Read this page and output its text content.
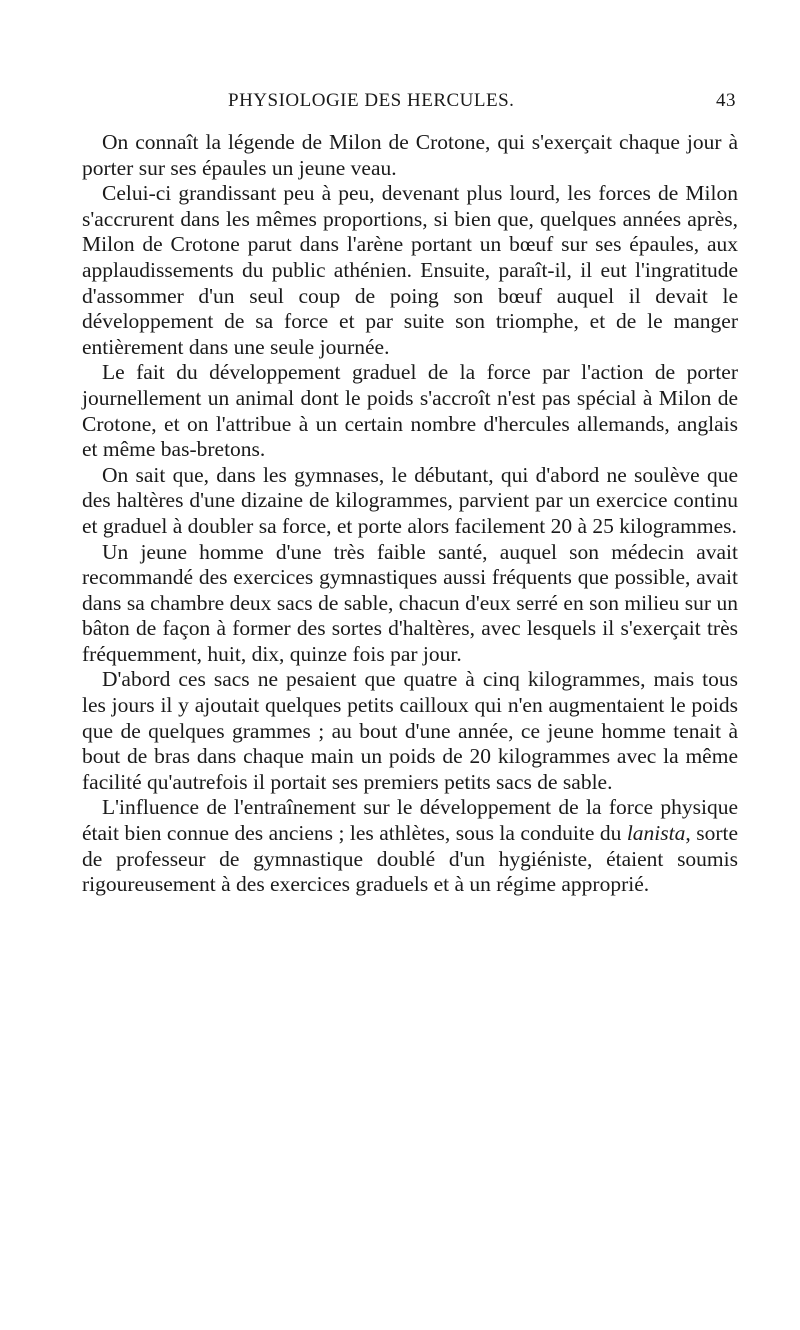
PHYSIOLOGIE DES HERCULES.	43

On connaît la légende de Milon de Crotone, qui s'exerçait chaque jour à porter sur ses épaules un jeune veau.

Celui-ci grandissant peu à peu, devenant plus lourd, les forces de Milon s'accrurent dans les mêmes proportions, si bien que, quelques années après, Milon de Crotone parut dans l'arène portant un bœuf sur ses épaules, aux applaudissements du public athénien. Ensuite, paraît-il, il eut l'ingratitude d'assommer d'un seul coup de poing son bœuf auquel il devait le développement de sa force et par suite son triomphe, et de le manger entièrement dans une seule journée.

Le fait du développement graduel de la force par l'action de porter journellement un animal dont le poids s'accroît n'est pas spécial à Milon de Crotone, et on l'attribue à un certain nombre d'hercules allemands, anglais et même bas-bretons.

On sait que, dans les gymnases, le débutant, qui d'abord ne soulève que des haltères d'une dizaine de kilogrammes, parvient par un exercice continu et graduel à doubler sa force, et porte alors facilement 20 à 25 kilogrammes.

Un jeune homme d'une très faible santé, auquel son médecin avait recommandé des exercices gymnastiques aussi fréquents que possible, avait dans sa chambre deux sacs de sable, chacun d'eux serré en son milieu sur un bâton de façon à former des sortes d'haltères, avec lesquels il s'exerçait très fréquemment, huit, dix, quinze fois par jour.

D'abord ces sacs ne pesaient que quatre à cinq kilogrammes, mais tous les jours il y ajoutait quelques petits cailloux qui n'en augmentaient le poids que de quelques grammes ; au bout d'une année, ce jeune homme tenait à bout de bras dans chaque main un poids de 20 kilogrammes avec la même facilité qu'autrefois il portait ses premiers petits sacs de sable.

L'influence de l'entraînement sur le développement de la force physique était bien connue des anciens ; les athlètes, sous la conduite du lanista, sorte de professeur de gymnastique doublé d'un hygiéniste, étaient soumis rigoureusement à des exercices graduels et à un régime approprié.
